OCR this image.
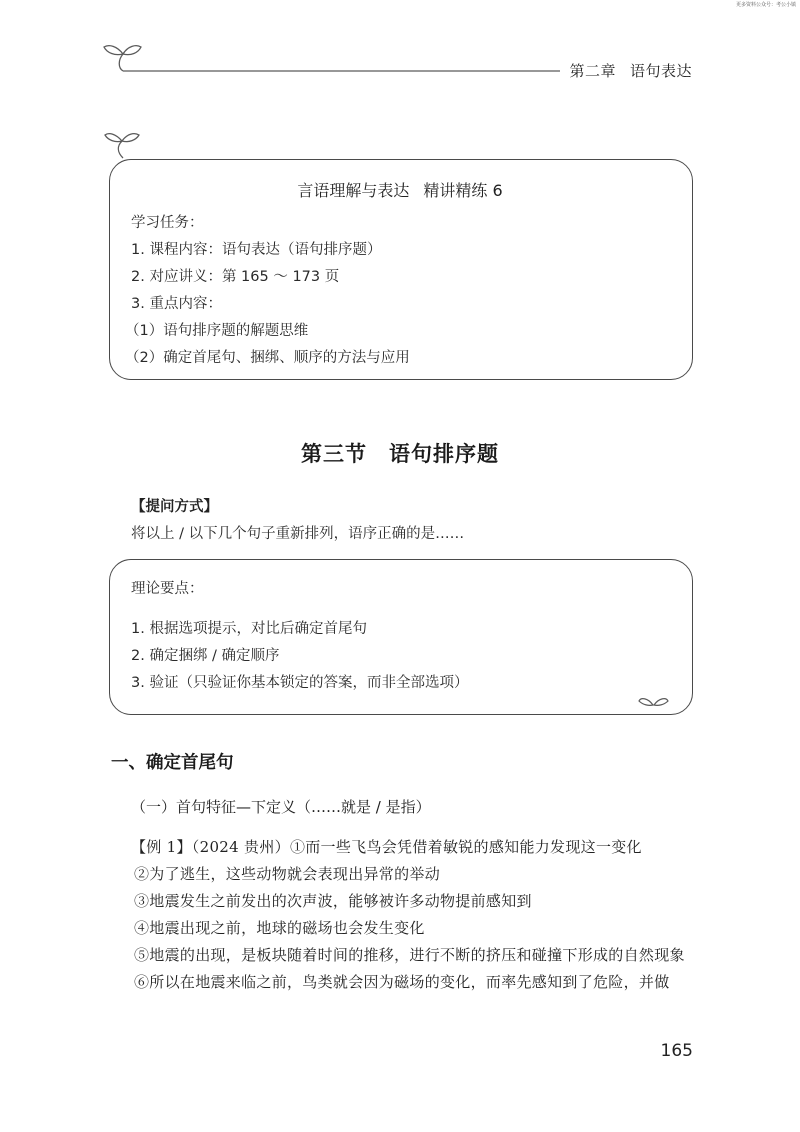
更多资料公众号：考公小镇
第二章 语句表达
言语理解与表达 精讲精练 6
学习任务：
1. 课程内容：语句表达（语句排序题）
2. 对应讲义：第 165 ～ 173 页
3. 重点内容：
（1）语句排序题的解题思维
（2）确定首尾句、捆绑、顺序的方法与应用
第三节 语句排序题
【提问方式】
将以上 / 以下几个句子重新排列，语序正确的是……
理论要点：
1. 根据选项提示，对比后确定首尾句
2. 确定捆绑 / 确定顺序
3. 验证（只验证你基本锁定的答案，而非全部选项）
一、确定首尾句
（一）首句特征—下定义（……就是 / 是指）
【例 1】（2024 贵州）①而一些飞鸟会凭借着敏锐的感知能力发现这一变化
②为了逃生，这些动物就会表现出异常的举动
③地震发生之前发出的次声波，能够被许多动物提前感知到
④地震出现之前，地球的磁场也会发生变化
⑤地震的出现，是板块随着时间的推移，进行不断的挤压和碰撞下形成的自然现象
⑥所以在地震来临之前，鸟类就会因为磁场的变化，而率先感知到了危险，并做
165
